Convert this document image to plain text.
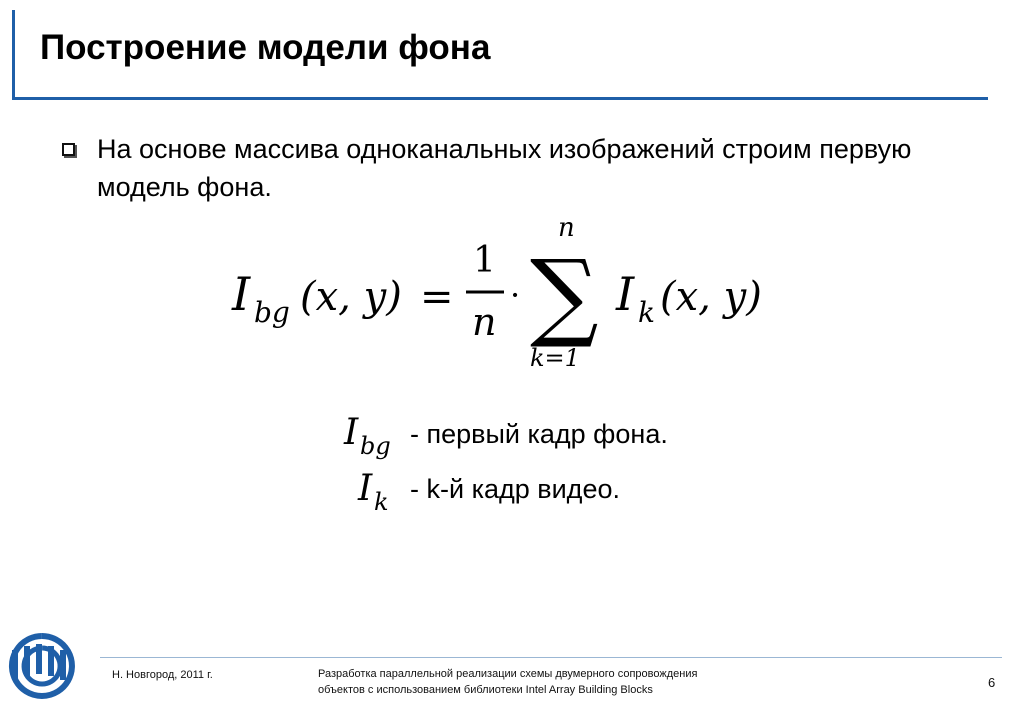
Построение модели фона
На основе массива одноканальных изображений строим первую модель фона.
I bg (x, y) =
1
n
·
n
∑
k=1
I k (x, y)
I bg - первый кадр фона.
I k - k-й кадр видео.
Н. Новгород, 2011 г.	Разработка параллельной реализации схемы двумерного сопровождения
объектов с использованием библиотеки Intel Array Building Blocks	6
